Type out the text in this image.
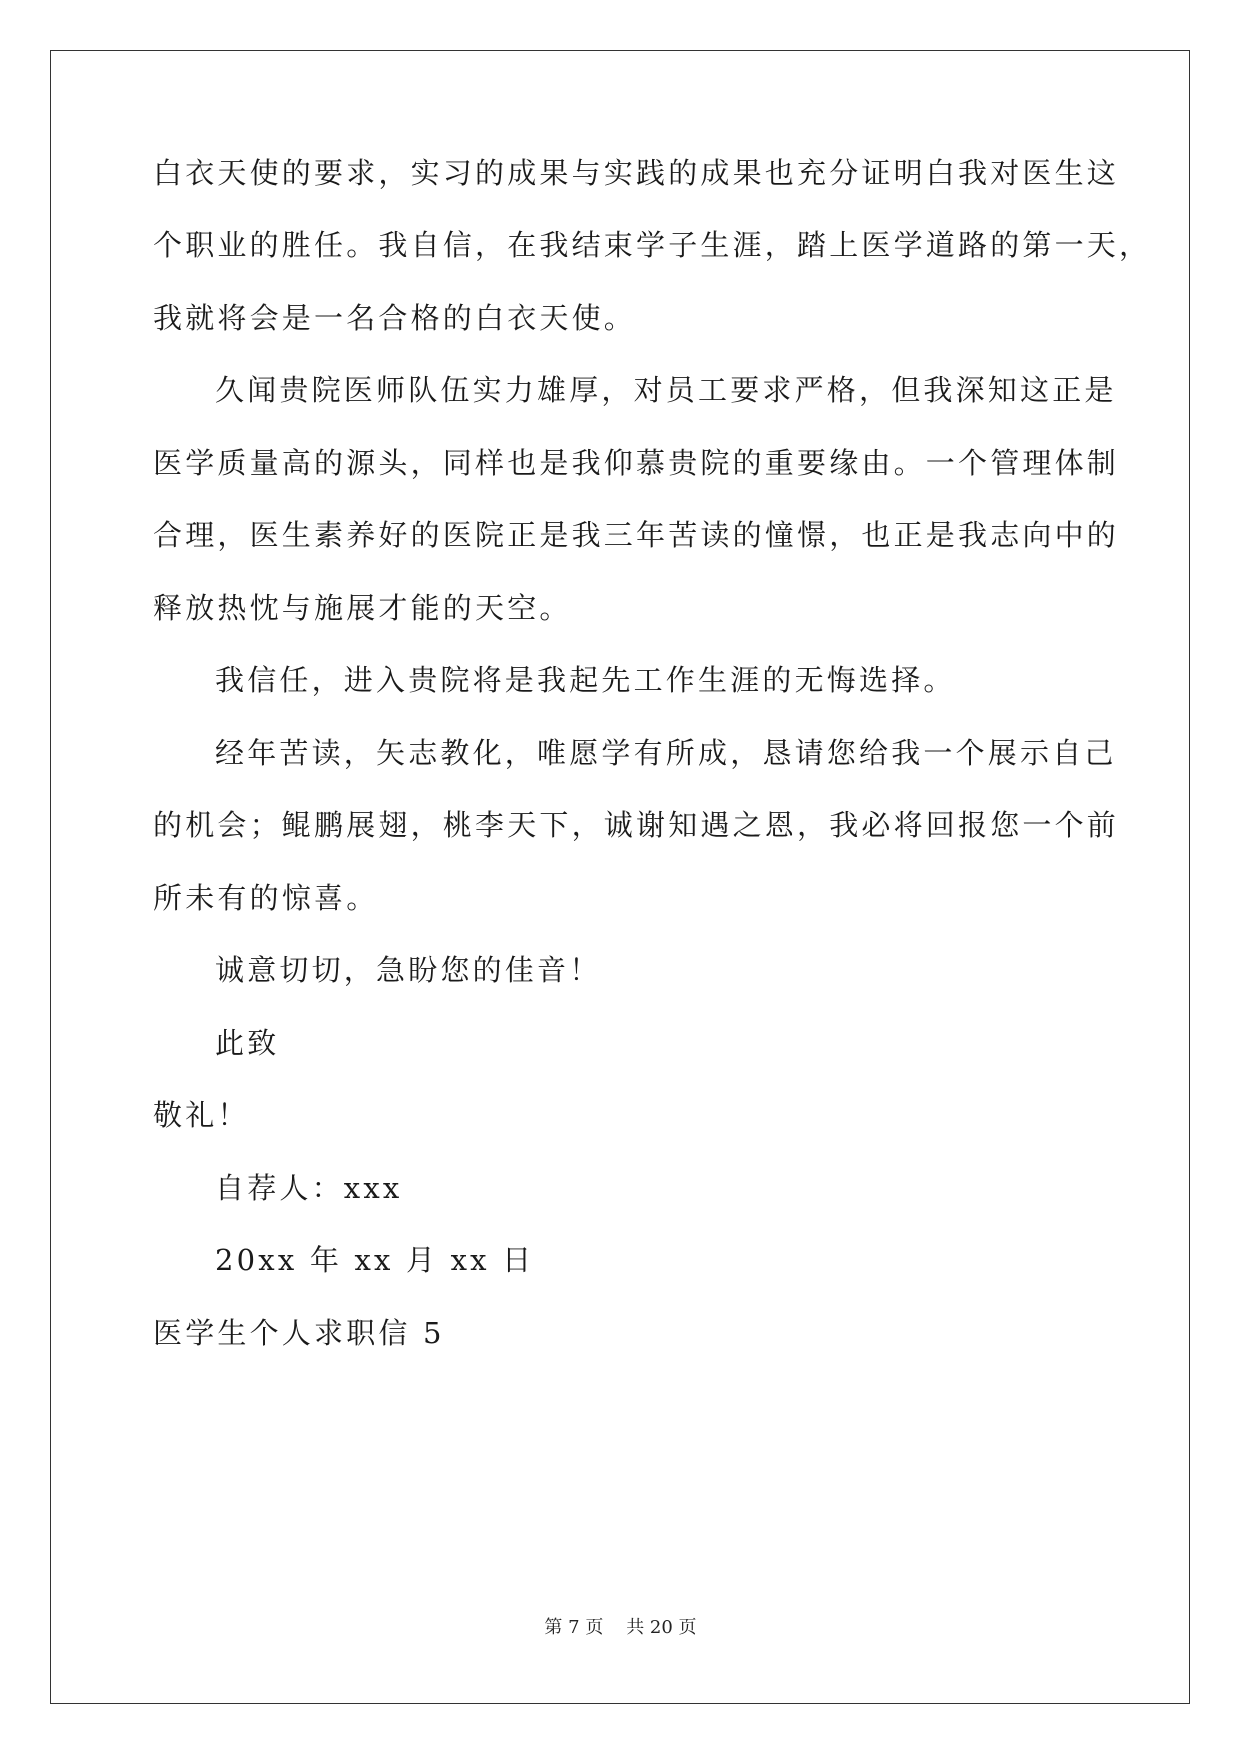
白衣天使的要求，实习的成果与实践的成果也充分证明白我对医生这
个职业的胜任。我自信，在我结束学子生涯，踏上医学道路的第一天，
我就将会是一名合格的白衣天使。
久闻贵院医师队伍实力雄厚，对员工要求严格，但我深知这正是
医学质量高的源头，同样也是我仰慕贵院的重要缘由。一个管理体制
合理，医生素养好的医院正是我三年苦读的憧憬，也正是我志向中的
释放热忱与施展才能的天空。
我信任，进入贵院将是我起先工作生涯的无悔选择。
经年苦读，矢志教化，唯愿学有所成，恳请您给我一个展示自己
的机会；鲲鹏展翅，桃李天下，诚谢知遇之恩，我必将回报您一个前
所未有的惊喜。
诚意切切，急盼您的佳音！
此致
敬礼！
自荐人：xxx
20xx 年 xx 月 xx 日
医学生个人求职信 5
第 7 页    共 20 页
